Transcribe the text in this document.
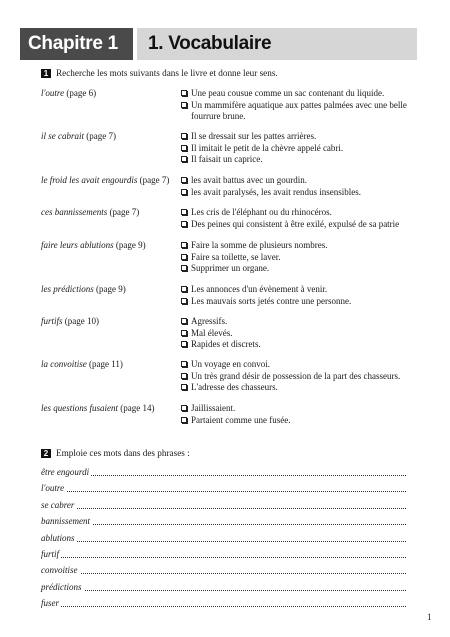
Chapitre 1	1. Vocabulaire
1 Recherche les mots suivants dans le livre et donne leur sens.
l'outre (page 6)	Une peau cousue comme un sac contenant du liquide.
Un mammifère aquatique aux pattes palmées avec une belle fourrure brune.
il se cabrait (page 7)	Il se dressait sur les pattes arrières.
Il imitait le petit de la chèvre appelé cabri.
Il faisait un caprice.
le froid les avait engourdis (page 7)	les avait battus avec un gourdin.
les avait paralysés, les avait rendus insensibles.
ces bannissements (page 7)	Les cris de l'éléphant ou du rhinocéros.
Des peines qui consistent à être exilé, expulsé de sa patrie
faire leurs ablutions (page 9)	Faire la somme de plusieurs nombres.
Faire sa toilette, se laver.
Supprimer un organe.
les prédictions (page 9)	Les annonces d'un évènement à venir.
Les mauvais sorts jetés contre une personne.
furtifs (page 10)	Agressifs.
Mal élevés.
Rapides et discrets.
la convoitise (page 11)	Un voyage en convoi.
Un très grand désir de possession de la part des chasseurs.
L'adresse des chasseurs.
les questions fusaient (page 14)	Jaillissaient.
Partaient comme une fusée.
2 Emploie ces mots dans des phrases :
être engourdi
l'outre
se cabrer
bannissement
ablutions
furtif
convoitise
prédictions
fuser
1
